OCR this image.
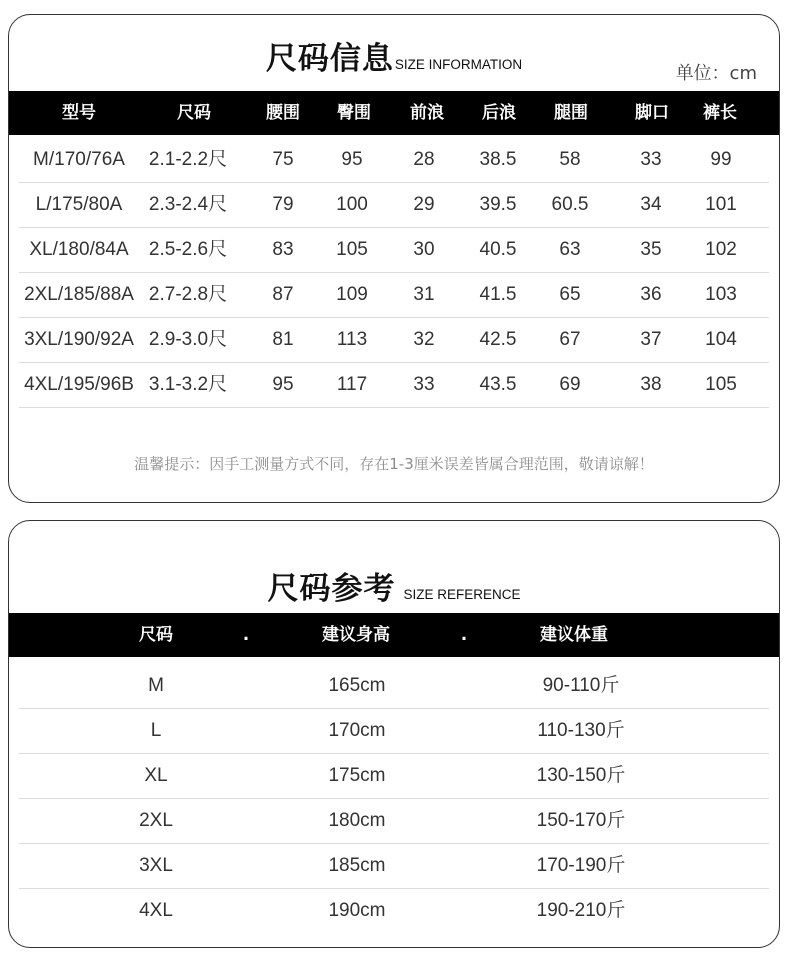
尺码信息SIZE INFORMATION	单位：cm
型号	尺码	腰围 臀围 前浪 后浪 腿围	脚口 裤长
M/170/76A 2.1-2.2尺 75	95	28 38.5 58	33	99
L/175/80A 2.3-2.4尺 79 100 29 39.5 60.5	34 101
XL/180/84A 2.5-2.6尺 83 105 30 40.5 63	35 102
2XL/185/88A 2.7-2.8尺 87 109 31 41.5 65	36 103
3XL/190/92A 2.9-3.0尺 81 113 32 42.5 67	37 104
4XL/195/96B 3.1-3.2尺 95 117 33 43.5 69	38 105
温馨提示：因手工测量方式不同，存在1-3厘米误差皆属合理范围，敬请谅解！
尺码参考 SIZE REFERENCE
尺码	.	建议身高	.	建议体重
M	165cm	90-110斤
L	170cm	110-130斤
XL	175cm	130-150斤
2XL	180cm	150-170斤
3XL	185cm	170-190斤
4XL	190cm	190-210斤
